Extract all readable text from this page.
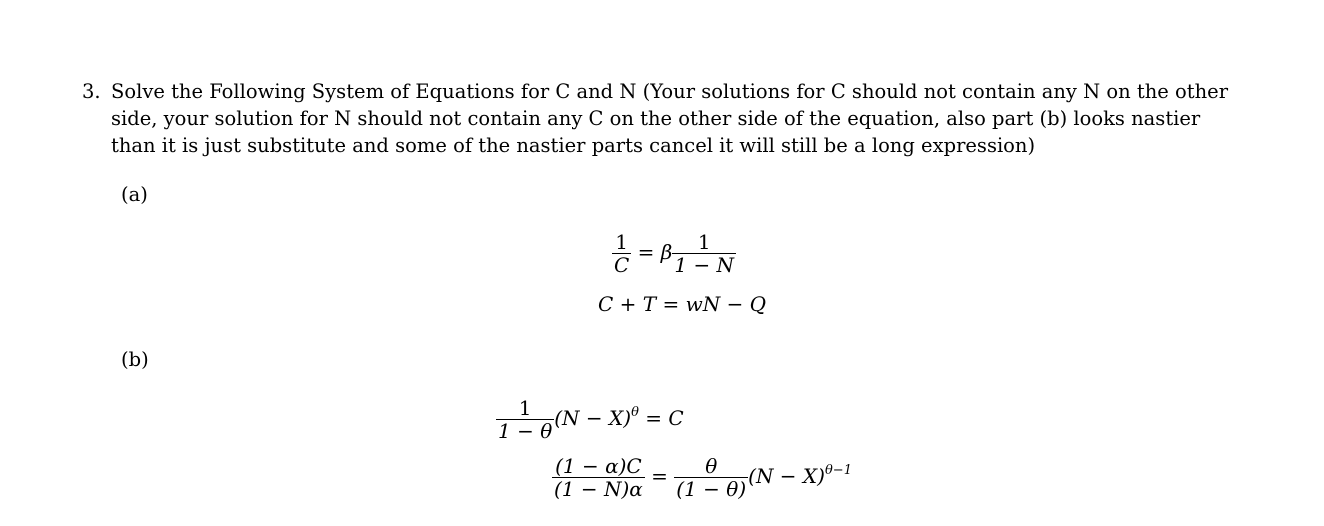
3. Solve the Following System of Equations for C and N (Your solutions for C should not contain any N on the other side, your solution for N should not contain any C on the other side of the equation, also part (b) looks nastier than it is just substitute and some of the nastier parts cancel it will still be a long expression)
(a)
$\frac{1}{C} = \beta \frac{1}{1 - N}$
C + T = wN − Q
(b)
$\frac{1}{1 - \theta} (N - X)^\theta = C$
$\frac{(1 - \alpha)C}{(1 - N)\alpha} = \frac{\theta}{(1 - \theta)} (N - X)^{\theta-1}$
